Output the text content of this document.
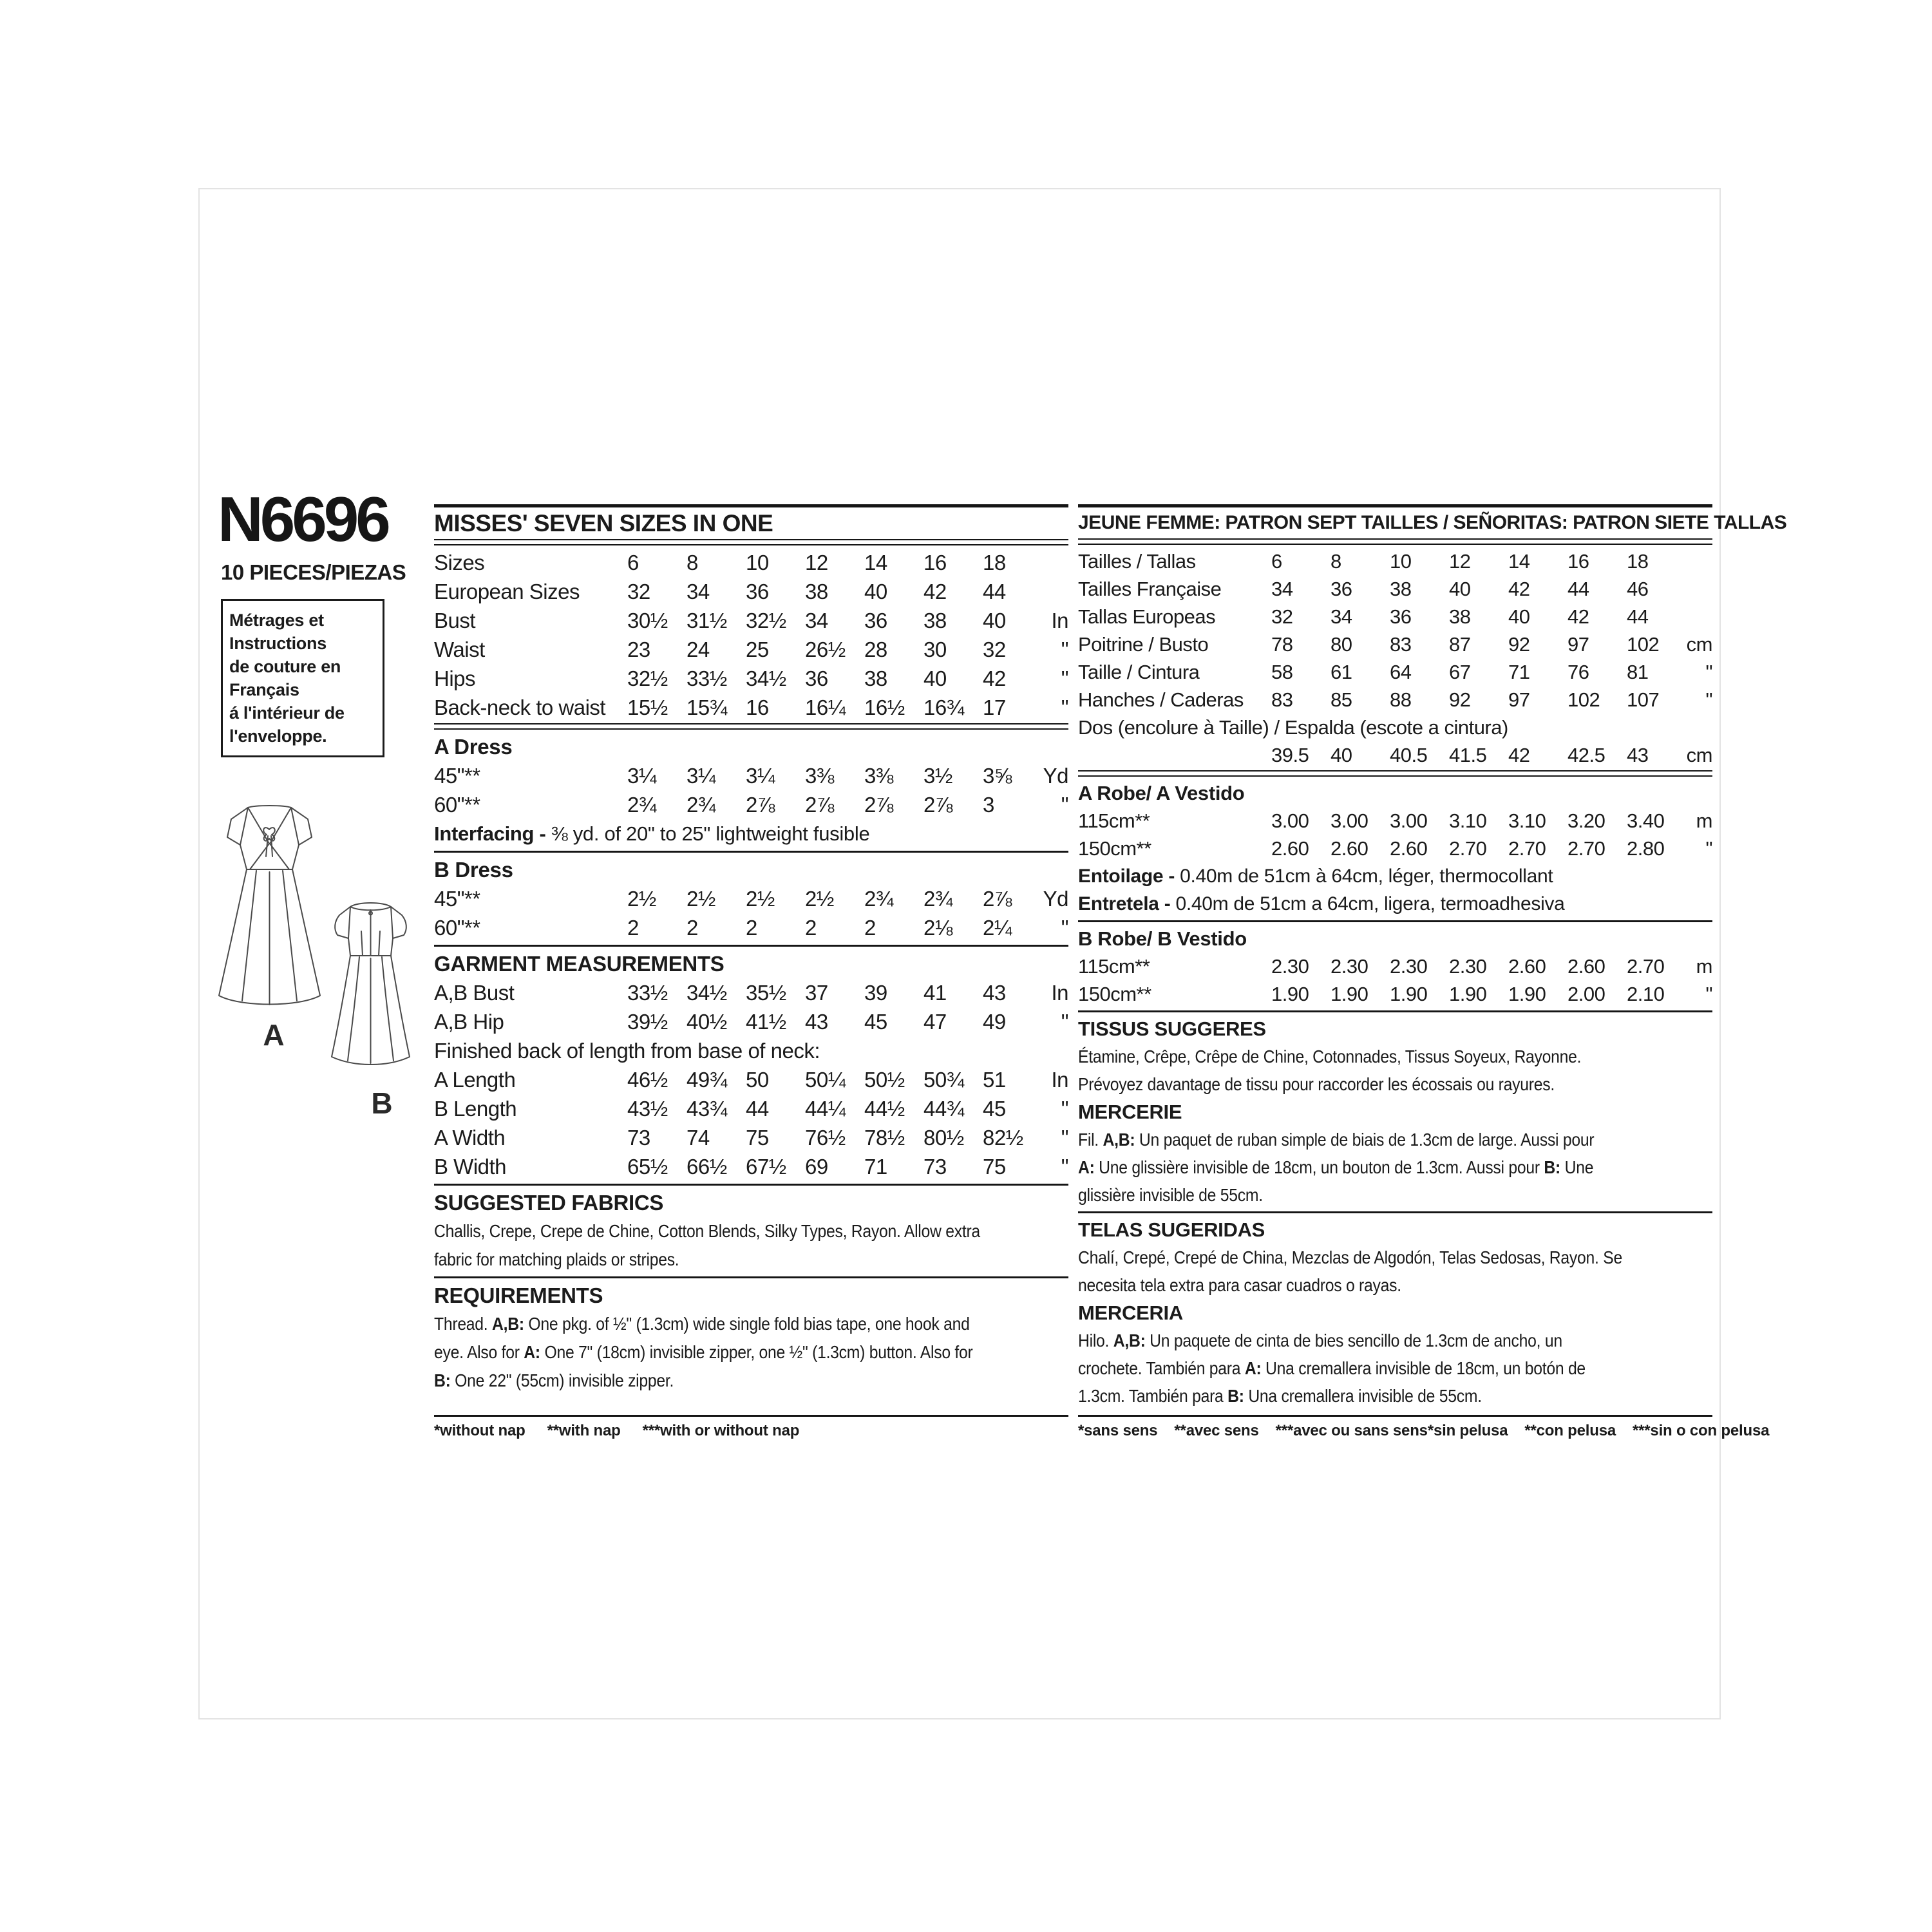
N6696
10 PIECES/PIEZAS
Métrages et
Instructions
de couture en
Français
á l'intérieur de
l'enveloppe.
A
B
MISSES' SEVEN SIZES IN ONE
Sizes	6	8	10	12	14	16	18
European Sizes	32	34	36	38	40	42	44
Bust	30½ 31½ 32½ 34	36	38	40	In
Waist	23	24	25	26½ 28	30	32	"
Hips	32½ 33½ 34½ 36	38	40	42	"
Back-neck to waist	15½ 15¾ 16	16¼ 16½ 16¾ 17	"
A Dress
45"**	3¼	3¼	3¼	3⅜	3⅜	3½	3⅝	Yd
60"**	2¾	2¾	2⅞	2⅞	2⅞	2⅞	3	"
Interfacing - ⅜ yd. of 20" to 25" lightweight fusible
B Dress
45"**	2½	2½	2½	2½	2¾	2¾	2⅞	Yd
60"**	2	2	2	2	2	2⅛	2¼	"
GARMENT MEASUREMENTS
A,B Bust	33½ 34½ 35½ 37	39	41	43	In
A,B Hip	39½ 40½ 41½ 43	45	47	49	"
Finished back of length from base of neck:
A Length	46½ 49¾ 50	50¼ 50½ 50¾ 51	In
B Length	43½ 43¾ 44	44¼ 44½ 44¾ 45	"
A Width	73	74	75	76½ 78½ 80½ 82½	"
B Width	65½ 66½ 67½ 69	71	73	75	"
SUGGESTED FABRICS
Challis, Crepe, Crepe de Chine, Cotton Blends, Silky Types, Rayon. Allow extra
fabric for matching plaids or stripes.
REQUIREMENTS
Thread. A,B: One pkg. of ½" (1.3cm) wide single fold bias tape, one hook and
eye. Also for A: One 7" (18cm) invisible zipper, one ½" (1.3cm) button. Also for
B: One 22" (55cm) invisible zipper.
JEUNE FEMME: PATRON SEPT TAILLES / SEÑORITAS: PATRON SIETE TALLAS
Tailles / Tallas	6	8	10	12	14	16	18
Tailles Française	34	36	38	40	42	44	46
Tallas Europeas	32	34	36	38	40	42	44
Poitrine / Busto	78	80	83	87	92	97	102	cm
Taille / Cintura	58	61	64	67	71	76	81	"
Hanches / Caderas	83	85	88	92	97	102	107	"
Dos (encolure à Taille) / Espalda (escote a cintura)
39.5	40	40.5	41.5	42	42.5	43	cm
A Robe/ A Vestido
115cm**	3.00	3.00	3.00	3.10	3.10	3.20	3.40	m
150cm**	2.60	2.60	2.60	2.70	2.70	2.70	2.80	"
Entoilage - 0.40m de 51cm à 64cm, léger, thermocollant
Entretela - 0.40m de 51cm a 64cm, ligera, termoadhesiva
B Robe/ B Vestido
115cm**	2.30	2.30	2.30	2.30	2.60	2.60	2.70	m
150cm**	1.90	1.90	1.90	1.90	1.90	2.00	2.10	"
TISSUS SUGGERES
Étamine, Crêpe, Crêpe de Chine, Cotonnades, Tissus Soyeux, Rayonne.
Prévoyez davantage de tissu pour raccorder les écossais ou rayures.
MERCERIE
Fil. A,B: Un paquet de ruban simple de biais de 1.3cm de large. Aussi pour
A: Une glissière invisible de 18cm, un bouton de 1.3cm. Aussi pour B: Une
glissière invisible de 55cm.
TELAS SUGERIDAS
Chalí, Crepé, Crepé de China, Mezclas de Algodón, Telas Sedosas, Rayon. Se
necesita tela extra para casar cuadros o rayas.
MERCERIA
Hilo. A,B: Un paquete de cinta de bies sencillo de 1.3cm de ancho, un
crochete. También para A: Una cremallera invisible de 18cm, un botón de
1.3cm. También para B: Una cremallera invisible de 55cm.
*without nap **with nap ***with or without nap	*sans sens **avec sens ***avec ou sans sens *sin pelusa **con pelusa ***sin o con pelusa
